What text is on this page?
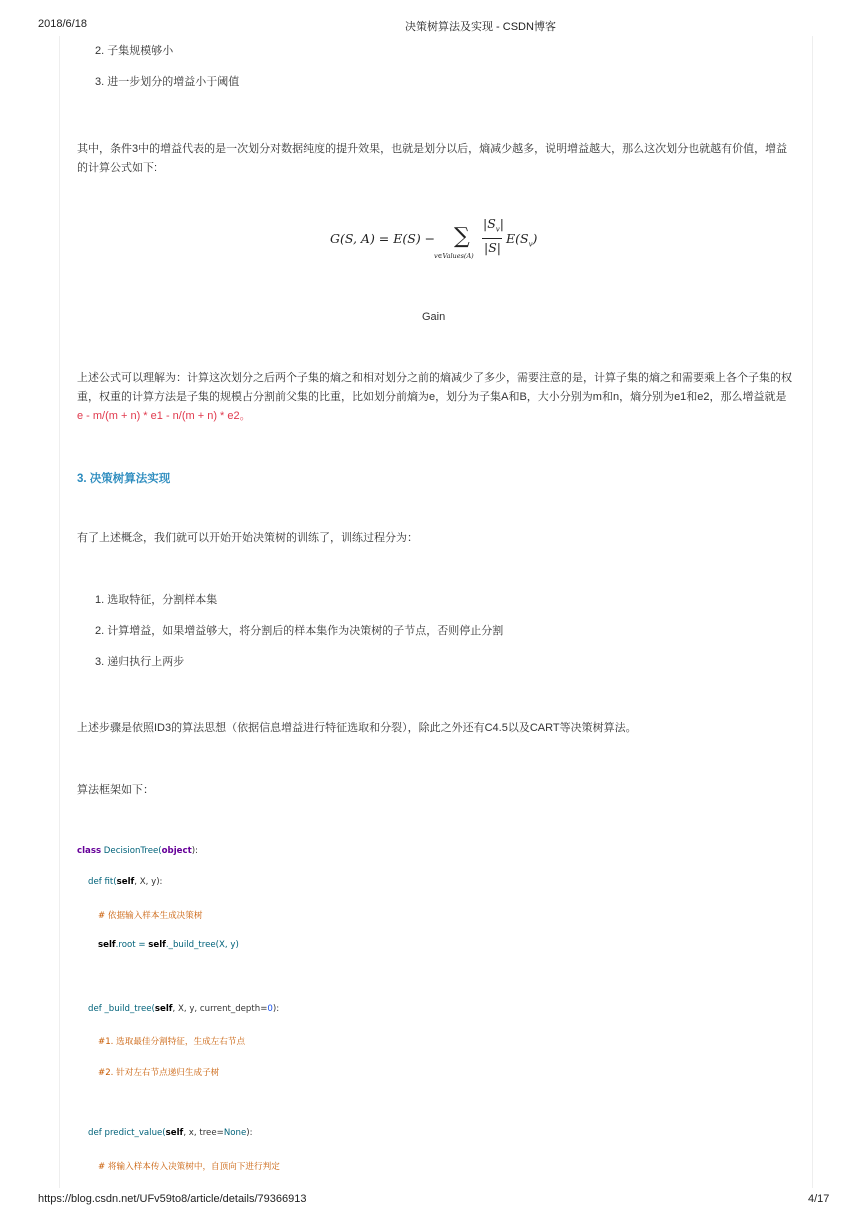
2018/6/18	决策树算法及实现 - CSDN博客
2. 子集规模够小
3. 进一步划分的增益小于阈值
其中，条件3中的增益代表的是一次划分对数据纯度的提升效果，也就是划分以后，熵减少越多，说明增益越大，那么这次划分也就越有价值，增益的计算公式如下:
G(S, A) = E(S) − ∑
v∈Values(A)
$|S_v|$
|S|
$E(S_v)$
Gain
上述公式可以理解为：计算这次划分之后两个子集的熵之和相对划分之前的熵减少了多少，需要注意的是，计算子集的熵之和需要乘上各个子集的权重，权重的计算方法是子集的规模占分割前父集的比重，比如划分前熵为e，划分为子集A和B，大小分别为m和n，熵分别为e1和e2，那么增益就是
e - m/(m + n) * e1 - n/(m + n) * e2。
3. 决策树算法实现
有了上述概念，我们就可以开始开始决策树的训练了，训练过程分为：
1. 选取特征，分割样本集
2. 计算增益，如果增益够大，将分割后的样本集作为决策树的子节点，否则停止分割
3. 递归执行上两步
上述步骤是依照ID3的算法思想（依据信息增益进行特征选取和分裂），除此之外还有C4.5以及CART等决策树算法。
算法框架如下：
class DecisionTree(object):
def fit(self, X, y):
# 依据输入样本生成决策树
self.root = self._build_tree(X, y)
def _build_tree(self, X, y, current_depth=0):
#1. 选取最佳分割特征，生成左右节点
#2. 针对左右节点递归生成子树
def predict_value(self, x, tree=None):
# 将输入样本传入决策树中，自顶向下进行判定
https://blog.csdn.net/UFv59to8/article/details/79366913	4/17
